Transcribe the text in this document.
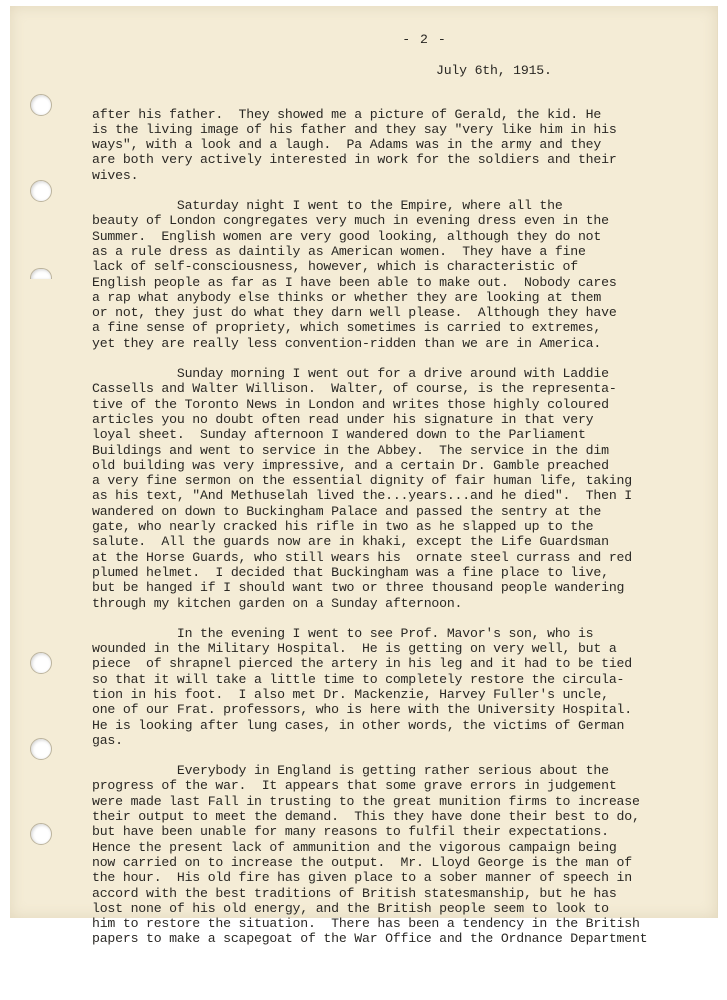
- 2 -
July 6th, 1915.
after his father.  They showed me a picture of Gerald, the kid. He
is the living image of his father and they say "very like him in his
ways", with a look and a laugh.  Pa Adams was in the army and they
are both very actively interested in work for the soldiers and their
wives.
Saturday night I went to the Empire, where all the
beauty of London congregates very much in evening dress even in the
Summer.  English women are very good looking, although they do not
as a rule dress as daintily as American women.  They have a fine
lack of self-consciousness, however, which is characteristic of
English people as far as I have been able to make out.  Nobody cares
a rap what anybody else thinks or whether they are looking at them
or not, they just do what they darn well please.  Although they have
a fine sense of propriety, which sometimes is carried to extremes,
yet they are really less convention-ridden than we are in America.
Sunday morning I went out for a drive around with Laddie
Cassells and Walter Willison.  Walter, of course, is the representa-
tive of the Toronto News in London and writes those highly coloured
articles you no doubt often read under his signature in that very
loyal sheet.  Sunday afternoon I wandered down to the Parliament
Buildings and went to service in the Abbey.  The service in the dim
old building was very impressive, and a certain Dr. Gamble preached
a very fine sermon on the essential dignity of fair human life, taking
as his text, "And Methuselah lived the...years...and he died".  Then I
wandered on down to Buckingham Palace and passed the sentry at the
gate, who nearly cracked his rifle in two as he slapped up to the
salute.  All the guards now are in khaki, except the Life Guardsman
at the Horse Guards, who still wears his  ornate steel currass and red
plumed helmet.  I decided that Buckingham was a fine place to live,
but be hanged if I should want two or three thousand people wandering
through my kitchen garden on a Sunday afternoon.
In the evening I went to see Prof. Mavor's son, who is
wounded in the Military Hospital.  He is getting on very well, but a
piece  of shrapnel pierced the artery in his leg and it had to be tied
so that it will take a little time to completely restore the circula-
tion in his foot.  I also met Dr. Mackenzie, Harvey Fuller's uncle,
one of our Frat. professors, who is here with the University Hospital.
He is looking after lung cases, in other words, the victims of German
gas.
Everybody in England is getting rather serious about the
progress of the war.  It appears that some grave errors in judgement
were made last Fall in trusting to the great munition firms to increase
their output to meet the demand.  This they have done their best to do,
but have been unable for many reasons to fulfil their expectations.
Hence the present lack of ammunition and the vigorous campaign being
now carried on to increase the output.  Mr. Lloyd George is the man of
the hour.  His old fire has given place to a sober manner of speech in
accord with the best traditions of British statesmanship, but he has
lost none of his old energy, and the British people seem to look to
him to restore the situation.  There has been a tendency in the British
papers to make a scapegoat of the War Office and the Ordnance Department
